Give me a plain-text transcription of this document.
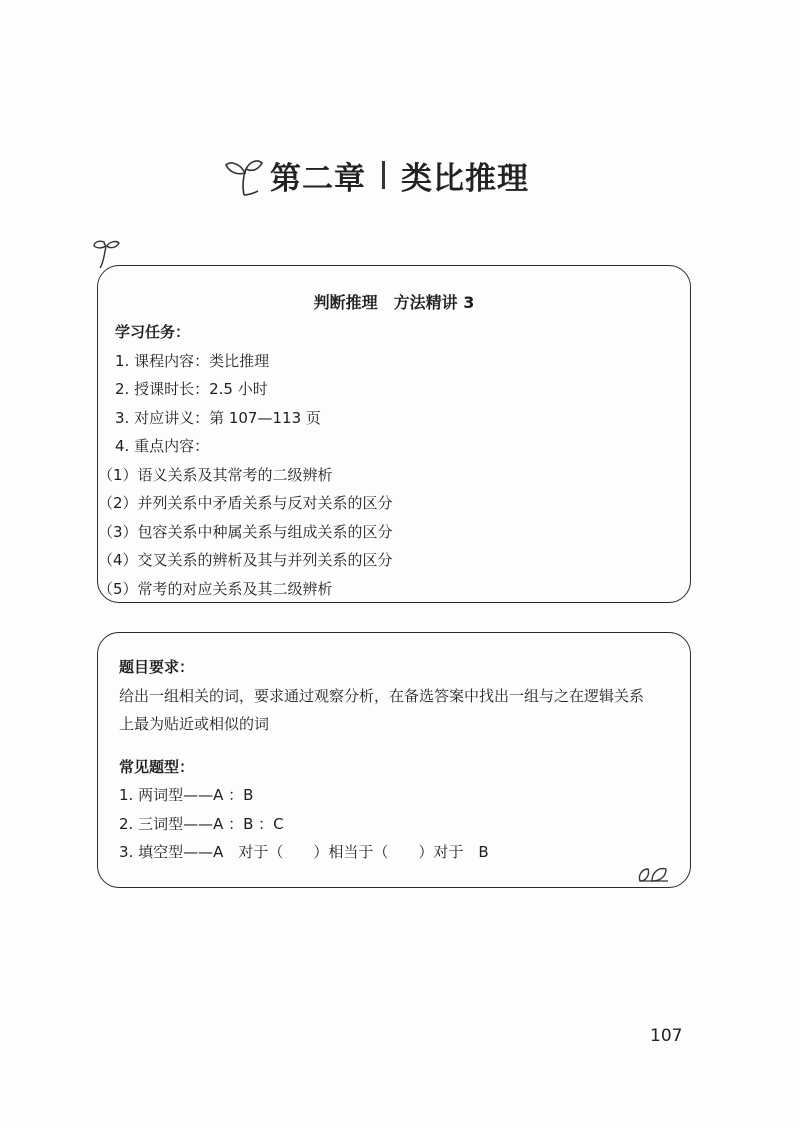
第二章 类比推理
判断推理　方法精讲 3
学习任务：
1. 课程内容：类比推理
2. 授课时长：2.5 小时
3. 对应讲义：第 107—113 页
4. 重点内容：
（1）语义关系及其常考的二级辨析
（2）并列关系中矛盾关系与反对关系的区分
（3）包容关系中种属关系与组成关系的区分
（4）交叉关系的辨析及其与并列关系的区分
（5）常考的对应关系及其二级辨析
题目要求：
给出一组相关的词，要求通过观察分析，在备选答案中找出一组与之在逻辑关系
上最为贴近或相似的词
常见题型：
1. 两词型——A ：B
2. 三词型——A ：B ：C
3. 填空型——A　对于（　　）相当于（　　）对于　B
107
